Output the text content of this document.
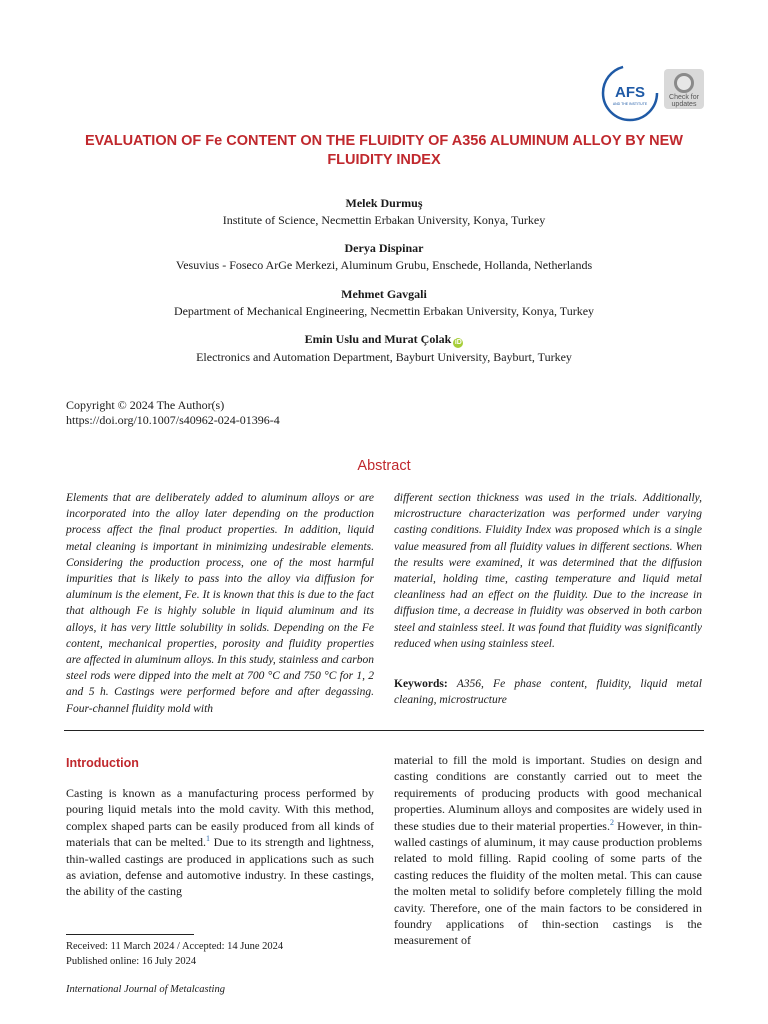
AFS
AND THE INSTITUTE
Check for
updates
EVALUATION OF Fe CONTENT ON THE FLUIDITY OF A356 ALUMINUM ALLOY BY NEW
FLUIDITY INDEX
Melek Durmuş
Institute of Science, Necmettin Erbakan University, Konya, Turkey
Derya Dispinar
Vesuvius - Foseco ArGe Merkezi, Aluminum Grubu, Enschede, Hollanda, Netherlands
Mehmet Gavgali
Department of Mechanical Engineering, Necmettin Erbakan University, Konya, Turkey
Emin Uslu and Murat Çolak iD
Electronics and Automation Department, Bayburt University, Bayburt, Turkey
Copyright © 2024 The Author(s)
https://doi.org/10.1007/s40962-024-01396-4
Abstract
Elements that are deliberately added to aluminum alloys or are incorporated into the alloy later depending on the production process affect the final product properties. In addition, liquid metal cleaning is important in minimizing undesirable elements. Considering the production process, one of the most harmful impurities that is likely to pass into the alloy via diffusion for aluminum is the element, Fe. It is known that this is due to the fact that although Fe is highly soluble in liquid aluminum and its alloys, it has very little solubility in solids. Depending on the Fe content, mechanical properties, porosity and fluidity properties are affected in aluminum alloys. In this study, stainless and carbon steel rods were dipped into the melt at 700 °C and 750 °C for 1, 2 and 5 h. Castings were performed before and after degassing. Four-channel fluidity mold with
different section thickness was used in the trials. Additionally, microstructure characterization was performed under varying casting conditions. Fluidity Index was proposed which is a single value measured from all fluidity values in different sections. When the results were examined, it was determined that the diffusion material, holding time, casting temperature and liquid metal cleanliness had an effect on the fluidity. Due to the increase in diffusion time, a decrease in fluidity was observed in both carbon steel and stainless steel. It was found that fluidity was significantly reduced when using stainless steel.
Keywords: A356, Fe phase content, fluidity, liquid metal cleaning, microstructure
Introduction
Casting is known as a manufacturing process performed by pouring liquid metals into the mold cavity. With this method, complex shaped parts can be easily produced from all kinds of materials that can be melted.$^1$ Due to its strength and lightness, thin-walled castings are produced in applications such as such as aviation, defense and automotive industry. In these castings, the ability of the casting
material to fill the mold is important. Studies on design and casting conditions are constantly carried out to meet the requirements of producing products with good mechanical properties. Aluminum alloys and composites are widely used in these studies due to their material properties.$^2$ However, in thin-walled castings of aluminum, it may cause production problems related to mold filling. Rapid cooling of some parts of the casting reduces the fluidity of the molten metal. This can cause the molten metal to solidify before completely filling the mold cavity. Therefore, one of the main factors to be considered in foundry applications of thin-section castings is the measurement of
Received: 11 March 2024 / Accepted: 14 June 2024
Published online: 16 July 2024
International Journal of Metalcasting
